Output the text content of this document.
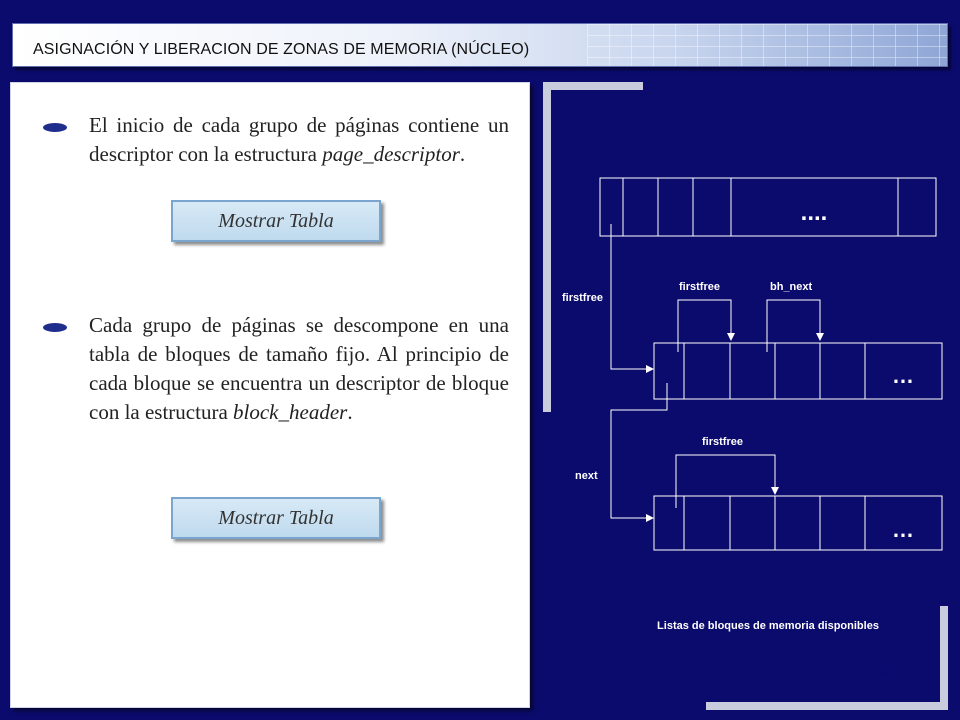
ASIGNACIÓN Y LIBERACION DE ZONAS DE MEMORIA (NÚCLEO)
El inicio de cada grupo de páginas contiene un descriptor con la estructura page_descriptor.
Mostrar Tabla
Cada grupo de páginas se descompone en una tabla de bloques de tamaño fijo. Al principio de cada bloque se encuentra un descriptor de bloque con la estructura block_header.
Mostrar Tabla
....
…
…
firstfree
firstfree	bh_next
next
firstfree
Listas de bloques de memoria disponibles
31
